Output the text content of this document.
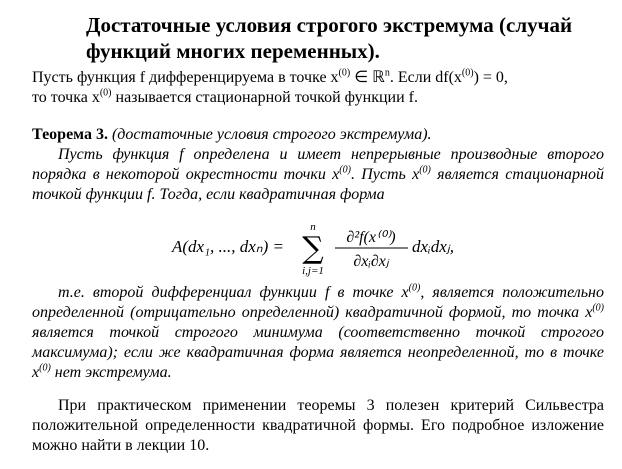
Достаточные условия строгого экстремума (случай функций многих переменных).
Пусть функция f дифференцируема в точке $x^{(0)}$ ∈ ℝ$^n$. Если $df(x^{(0)}) = 0$,
то точка $x^{(0)}$ называется стационарной точкой функции f.
Теорема 3. (достаточные условия строгого экстремума).
Пусть функция f определена и имеет непрерывные производные второго порядка в некоторой окрестности точки $x^{(0)}$. Пусть $x^{(0)}$ является стационарной точкой функции f. Тогда, если квадратичная форма
A(dx₁, ..., dxₙ) =
n
∑
i,j=1
∂²f(x⁽⁰⁾)
∂xᵢ∂xⱼ
dxᵢdxⱼ,
т.е. второй дифференциал функции f в точке $x^{(0)}$, является положительно определенной (отрицательно определенной) квадратичной формой, то точка $x^{(0)}$ является точкой строгого минимума (соответственно точкой строгого максимума); если же квадратичная форма является неопределенной, то в точке $x^{(0)}$ нет экстремума.
При практическом применении теоремы 3 полезен критерий Сильвестра положительной определенности квадратичной формы. Его подробное изложение можно найти в лекции 10.
